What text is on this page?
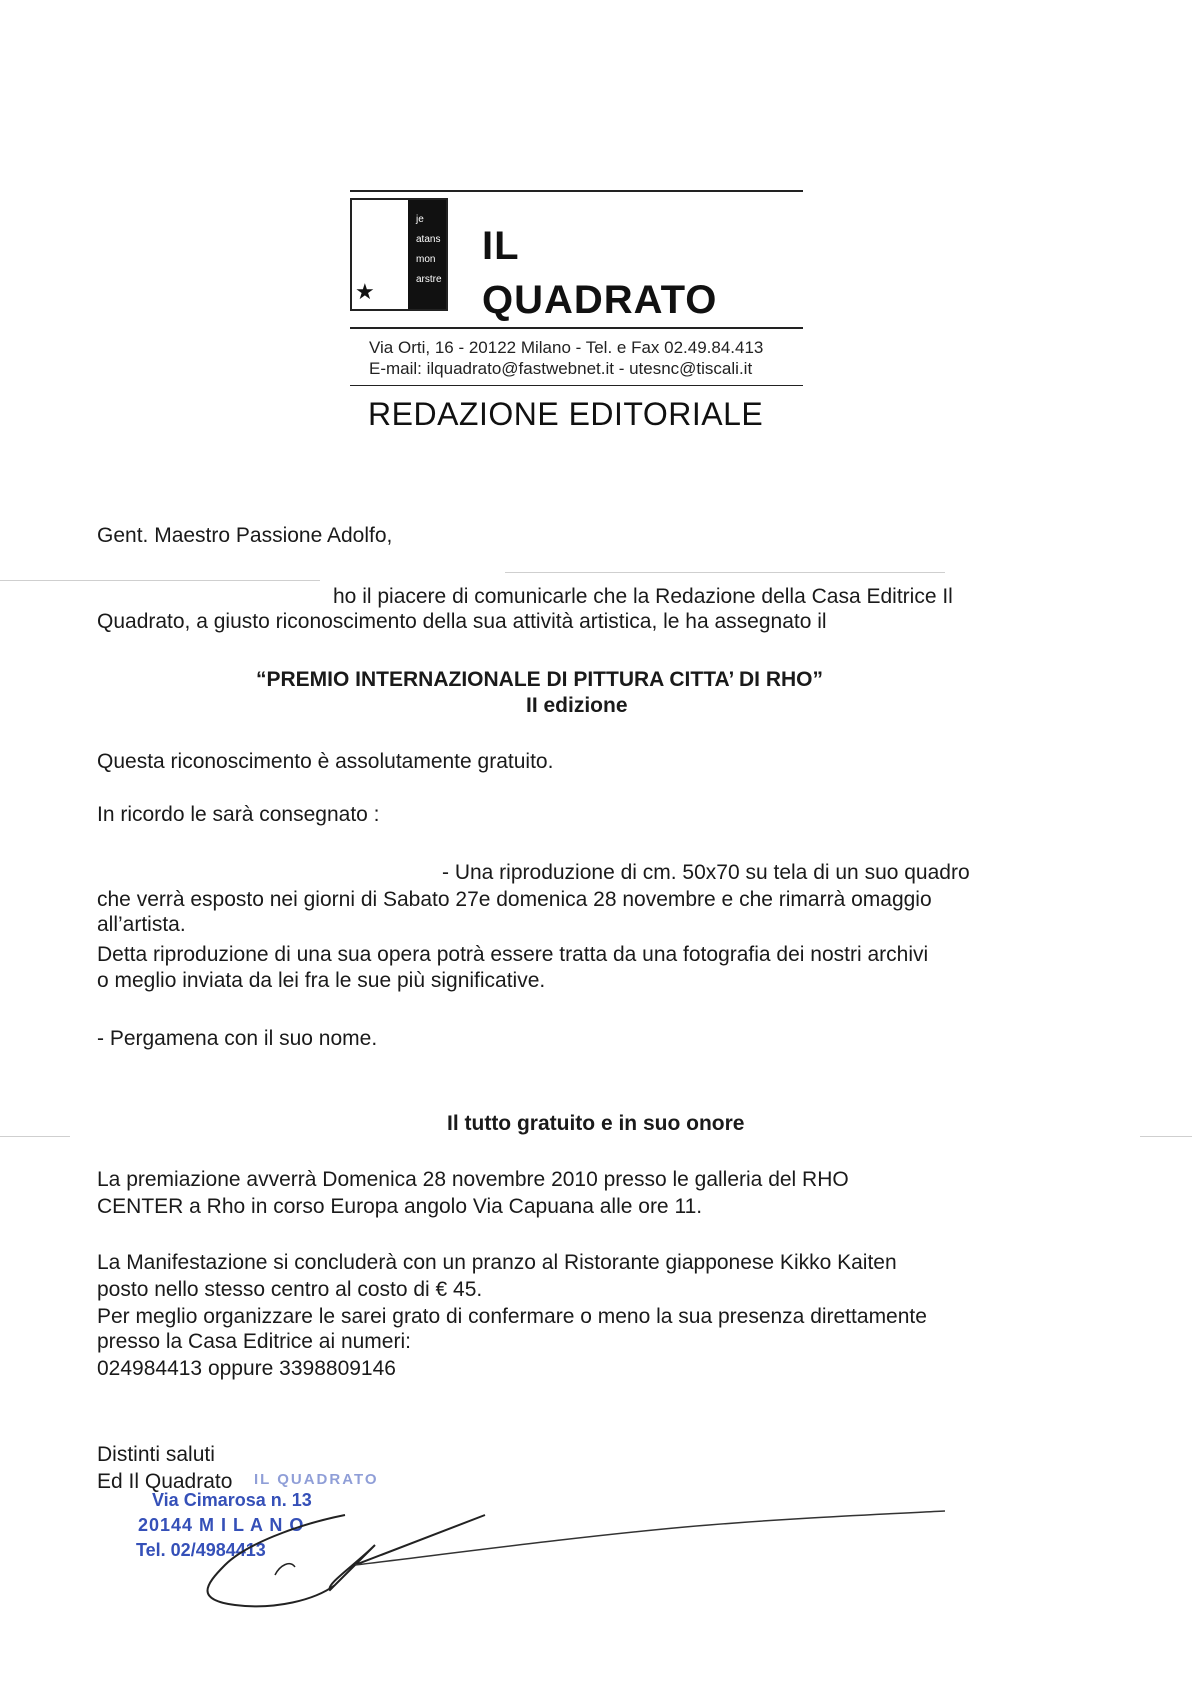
je
atans
mon
arstre
★
IL
QUADRATO
Via Orti, 16 - 20122 Milano - Tel. e Fax 02.49.84.413
E-mail: ilquadrato@fastwebnet.it - utesnc@tiscali.it
REDAZIONE EDITORIALE
Gent. Maestro Passione Adolfo,
ho il piacere di comunicarle che la Redazione della Casa Editrice Il
Quadrato, a giusto riconoscimento della sua attività artistica, le ha assegnato il
“PREMIO INTERNAZIONALE DI PITTURA CITTA’ DI RHO”
II edizione
Questa riconoscimento è assolutamente gratuito.
In ricordo le sarà consegnato :
- Una riproduzione di cm. 50x70 su tela di un suo quadro
che verrà esposto nei giorni di Sabato 27e domenica 28 novembre e che rimarrà omaggio
all’artista.
Detta riproduzione di una sua opera potrà essere tratta da una fotografia dei nostri archivi
o meglio inviata da lei fra le sue più significative.
- Pergamena con il suo nome.
Il tutto gratuito e in suo onore
La premiazione avverrà Domenica 28 novembre 2010 presso le galleria del RHO
CENTER a Rho in corso Europa angolo Via Capuana alle ore 11.
La Manifestazione si concluderà con un pranzo al Ristorante giapponese Kikko Kaiten
posto nello stesso centro al costo di € 45.
Per meglio organizzare le sarei grato di confermare o meno la sua presenza direttamente
presso la Casa Editrice ai numeri:
024984413 oppure 3398809146
Distinti saluti
Ed Il Quadrato IL QUADRATO
Via Cimarosa n. 13
20144 M I L A N O
Tel. 02/4984413
